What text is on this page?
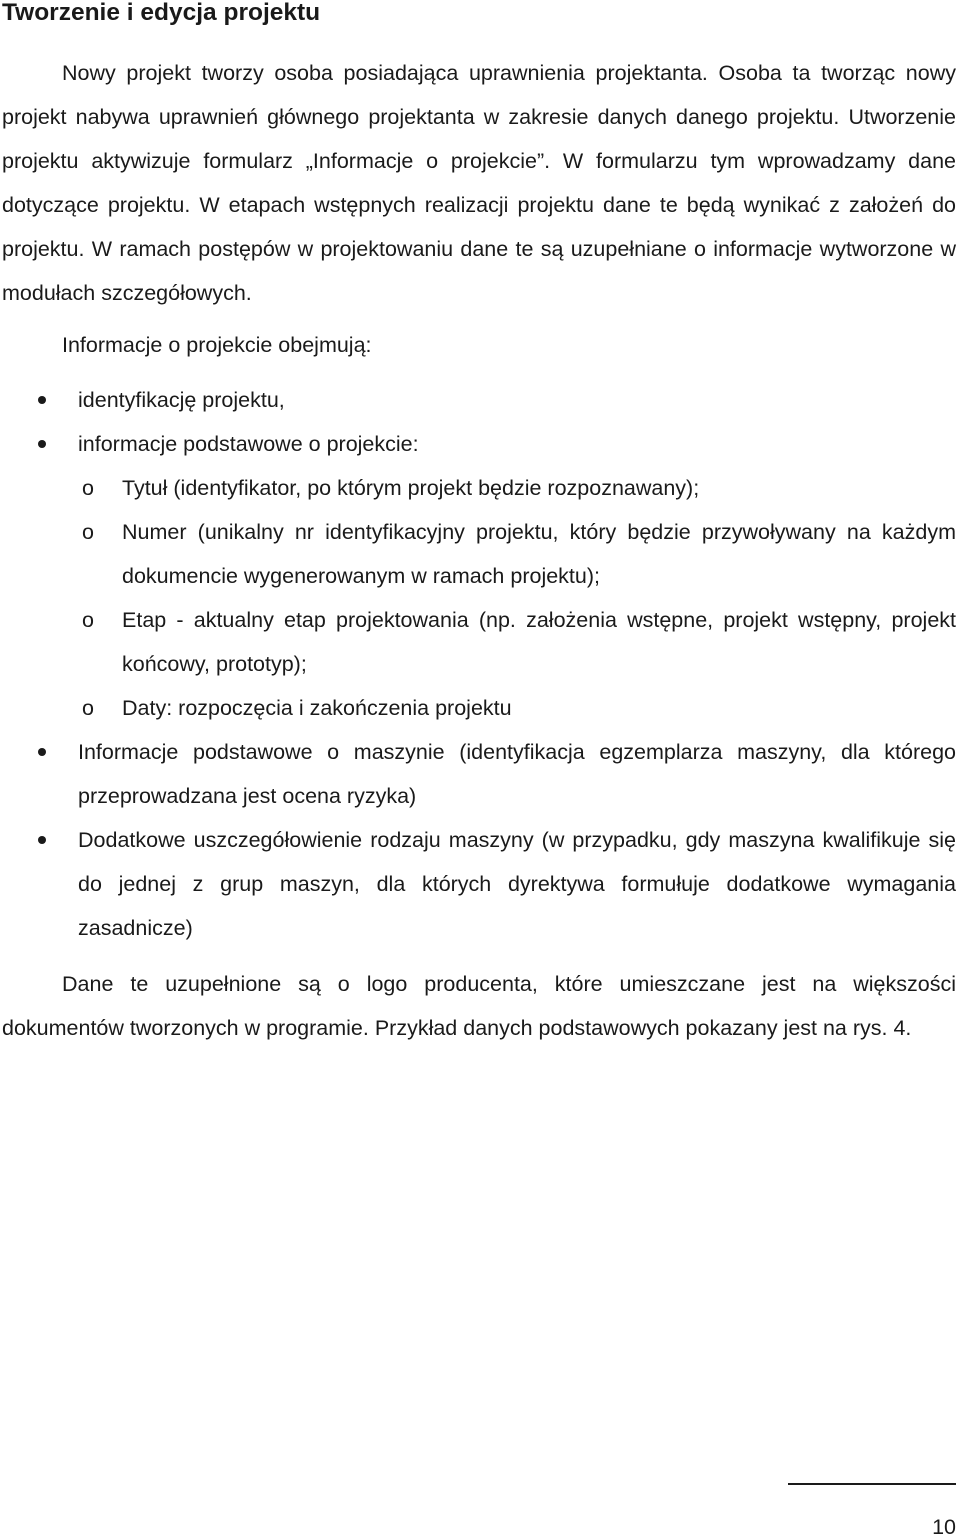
Tworzenie i edycja projektu

Nowy projekt tworzy osoba posiadająca uprawnienia projektanta. Osoba ta tworząc nowy projekt nabywa uprawnień głównego projektanta w zakresie danych danego projektu. Utworzenie projektu aktywizuje formularz „Informacje o projekcie”. W formularzu tym wprowadzamy dane dotyczące projektu. W etapach wstępnych realizacji projektu dane te będą wynikać z założeń do projektu. W ramach postępów w projektowaniu dane te są uzupełniane o informacje wytworzone w modułach szczegółowych.

Informacje o projekcie obejmują:

identyfikację projektu,
informacje podstawowe o projekcie:
o Tytuł (identyfikator, po którym projekt będzie rozpoznawany);
o Numer (unikalny nr identyfikacyjny projektu, który będzie przywoływany na każdym dokumencie wygenerowanym w ramach projektu);
o Etap - aktualny etap projektowania (np. założenia wstępne, projekt wstępny, projekt końcowy, prototyp);
o Daty: rozpoczęcia i zakończenia projektu
Informacje podstawowe o maszynie (identyfikacja egzemplarza maszyny, dla którego przeprowadzana jest ocena ryzyka)
Dodatkowe uszczegółowienie rodzaju maszyny (w przypadku, gdy maszyna kwalifikuje się do jednej z grup maszyn, dla których dyrektywa formułuje dodatkowe wymagania zasadnicze)

Dane te uzupełnione są o logo producenta, które umieszczane jest na większości dokumentów tworzonych w programie. Przykład danych podstawowych pokazany jest na rys. 4.

10
